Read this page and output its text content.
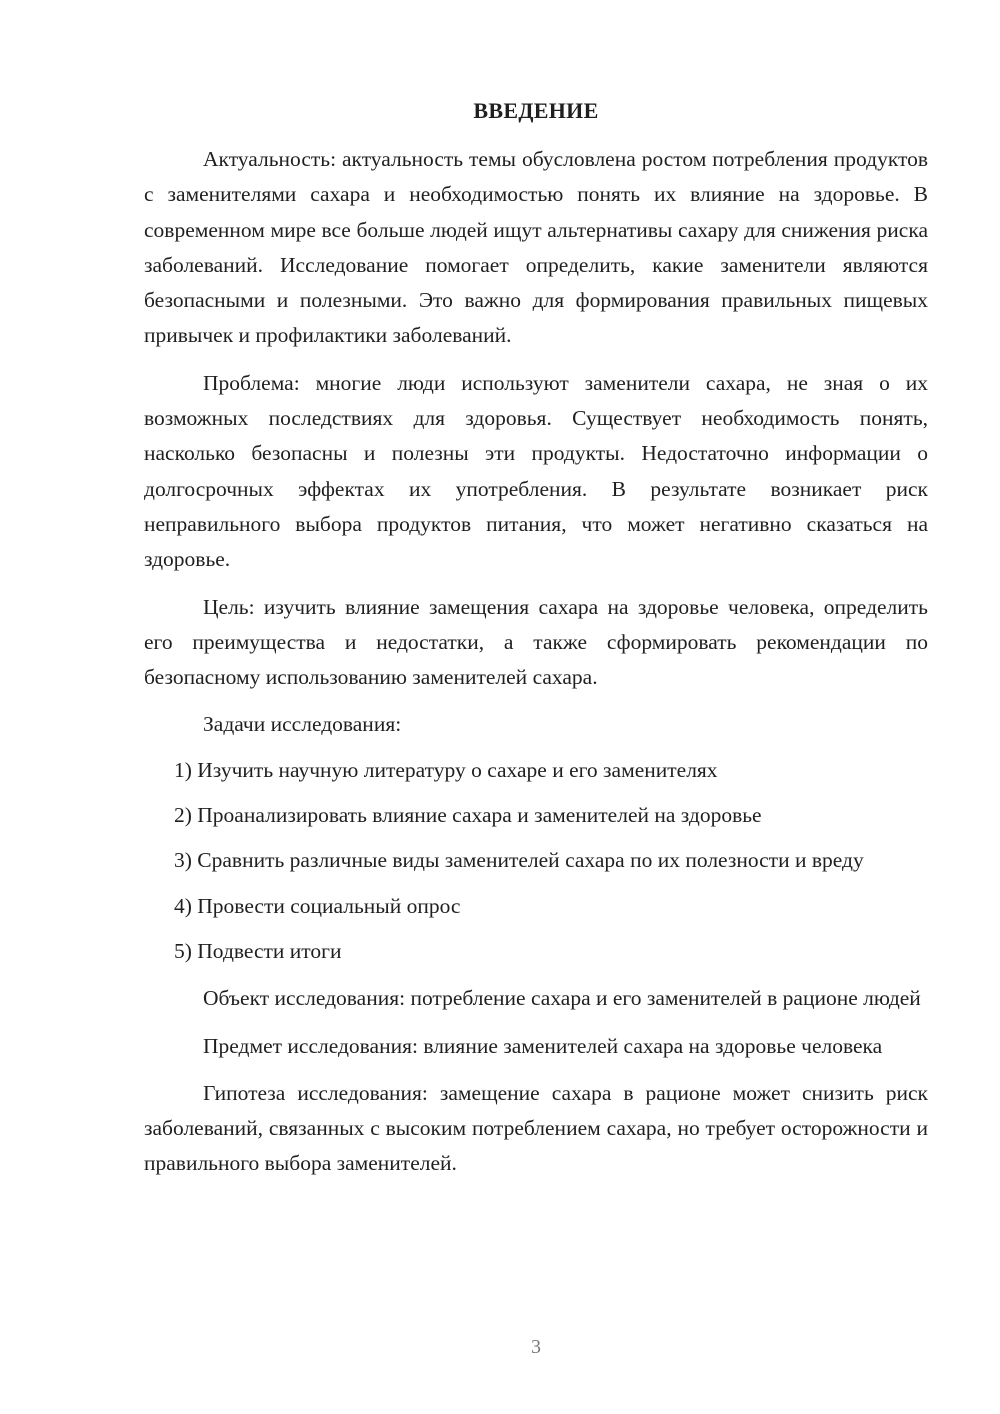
ВВЕДЕНИЕ

Актуальность: актуальность темы обусловлена ростом потребления продуктов с заменителями сахара и необходимостью понять их влияние на здоровье. В современном мире все больше людей ищут альтернативы сахару для снижения риска заболеваний. Исследование помогает определить, какие заменители являются безопасными и полезными. Это важно для формирования правильных пищевых привычек и профилактики заболеваний.

Проблема: многие люди используют заменители сахара, не зная о их возможных последствиях для здоровья. Существует необходимость понять, насколько безопасны и полезны эти продукты. Недостаточно информации о долгосрочных эффектах их употребления. В результате возникает риск неправильного выбора продуктов питания, что может негативно сказаться на здоровье.

Цель: изучить влияние замещения сахара на здоровье человека, определить его преимущества и недостатки, а также сформировать рекомендации по безопасному использованию заменителей сахара.

Задачи исследования:

1) Изучить научную литературу о сахаре и его заменителях

2) Проанализировать влияние сахара и заменителей на здоровье

3) Сравнить различные виды заменителей сахара по их полезности и вреду

4) Провести социальный опрос

5) Подвести итоги

Объект исследования: потребление сахара и его заменителей в рационе людей

Предмет исследования: влияние заменителей сахара на здоровье человека

Гипотеза исследования: замещение сахара в рационе может снизить риск заболеваний, связанных с высоким потреблением сахара, но требует осторожности и правильного выбора заменителей.

3
